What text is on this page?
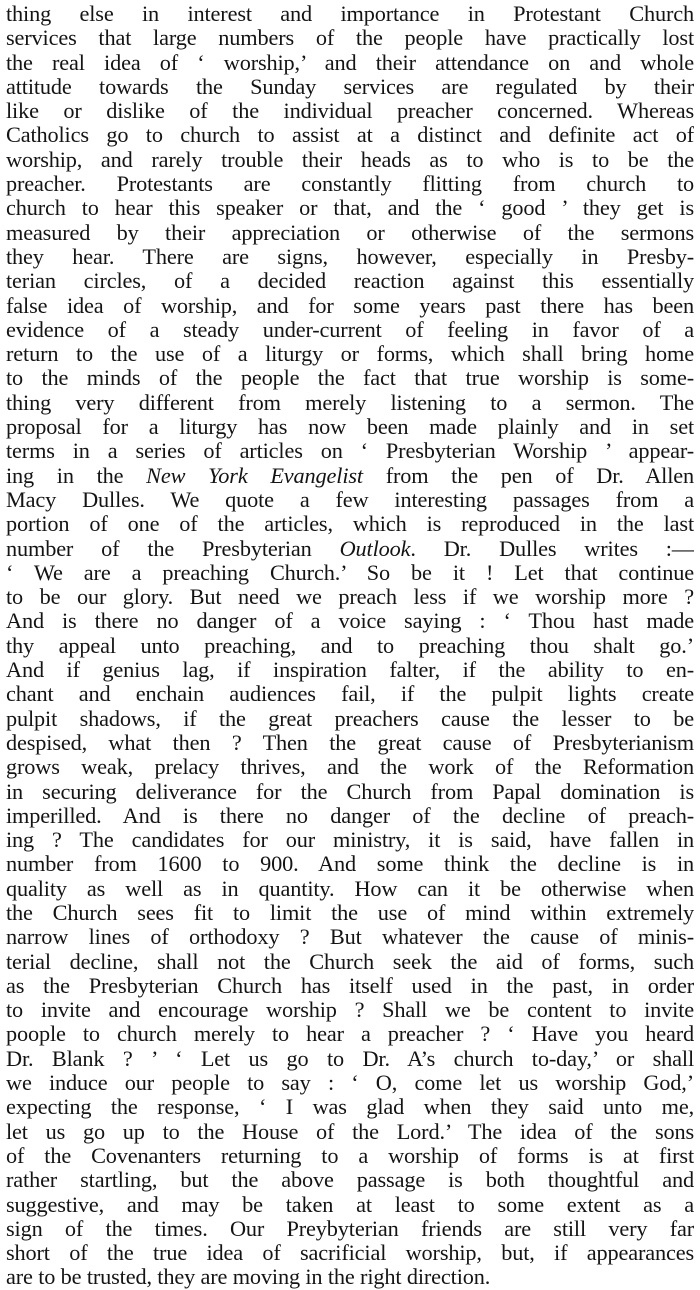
thing else in interest and importance in Protestant Church
services that large numbers of the people have practically lost
the real idea of ‘ worship,’ and their attendance on and whole
attitude towards the Sunday services are regulated by their
like or dislike of the individual preacher concerned. Whereas
Catholics go to church to assist at a distinct and definite act of
worship, and rarely trouble their heads as to who is to be the
preacher. Protestants are constantly flitting from church to
church to hear this speaker or that, and the ‘ good ’ they get is
measured by their appreciation or otherwise of the sermons
they hear. There are signs, however, especially in Presby-
terian circles, of a decided reaction against this essentially
false idea of worship, and for some years past there has been
evidence of a steady under-current of feeling in favor of a
return to the use of a liturgy or forms, which shall bring home
to the minds of the people the fact that true worship is some-
thing very different from merely listening to a sermon. The
proposal for a liturgy has now been made plainly and in set
terms in a series of articles on ‘ Presbyterian Worship ’ appear-
ing in the New York Evangelist from the pen of Dr. Allen
Macy Dulles. We quote a few interesting passages from a
portion of one of the articles, which is reproduced in the last
number of the Presbyterian Outlook. Dr. Dulles writes :—
‘ We are a preaching Church.’ So be it ! Let that continue
to be our glory. But need we preach less if we worship more ?
And is there no danger of a voice saying : ‘ Thou hast made
thy appeal unto preaching, and to preaching thou shalt go.’
And if genius lag, if inspiration falter, if the ability to en-
chant and enchain audiences fail, if the pulpit lights create
pulpit shadows, if the great preachers cause the lesser to be
despised, what then ? Then the great cause of Presbyterianism
grows weak, prelacy thrives, and the work of the Reformation
in securing deliverance for the Church from Papal domination is
imperilled. And is there no danger of the decline of preach-
ing ? The candidates for our ministry, it is said, have fallen in
number from 1600 to 900. And some think the decline is in
quality as well as in quantity. How can it be otherwise when
the Church sees fit to limit the use of mind within extremely
narrow lines of orthodoxy ? But whatever the cause of minis-
terial decline, shall not the Church seek the aid of forms, such
as the Presbyterian Church has itself used in the past, in order
to invite and encourage worship ? Shall we be content to invite
poople to church merely to hear a preacher ? ‘ Have you heard
Dr. Blank ? ’ ‘ Let us go to Dr. A’s church to-day,’ or shall
we induce our people to say : ‘ O, come let us worship God,’
expecting the response, ‘ I was glad when they said unto me,
let us go up to the House of the Lord.’ The idea of the sons
of the Covenanters returning to a worship of forms is at first
rather startling, but the above passage is both thoughtful and
suggestive, and may be taken at least to some extent as a
sign of the times. Our Preybyterian friends are still very far
short of the true idea of sacrificial worship, but, if appearances
are to be trusted, they are moving in the right direction.
